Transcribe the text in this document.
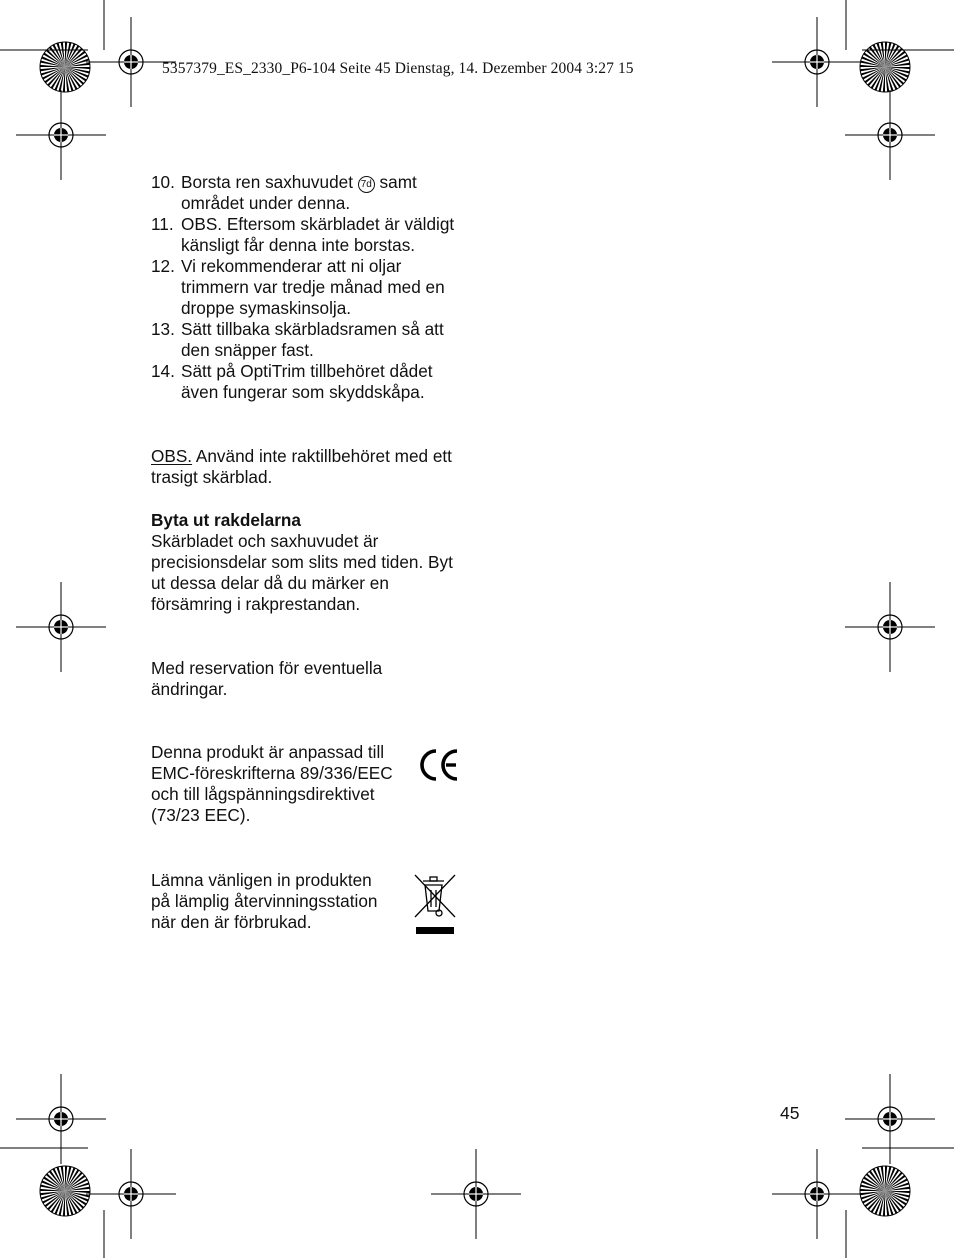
5357379_ES_2330_P6-104 Seite 45 Dienstag, 14. Dezember 2004 3:27 15
10. Borsta ren saxhuvudet 7d samt området under denna.
11. OBS. Eftersom skärbladet är väldigt känsligt får denna inte borstas.
12. Vi rekommenderar att ni oljar trimmern var tredje månad med en droppe symaskinsolja.
13. Sätt tillbaka skärbladsramen så att den snäpper fast.
14. Sätt på OptiTrim tillbehöret dådet även fungerar som skyddskåpa.

OBS. Använd inte raktillbehöret med ett trasigt skärblad.

Byta ut rakdelarna
Skärbladet och saxhuvudet är precisionsdelar som slits med tiden. Byt ut dessa delar då du märker en försämring i rakprestandan.
Med reservation för eventuella ändringar.
Denna produkt är anpassad till
EMC-föreskrifterna 89/336/EEC
och till lågspänningsdirektivet
(73/23 EEC).
Lämna vänligen in produkten
på lämplig återvinningsstation
när den är förbrukad.
45
